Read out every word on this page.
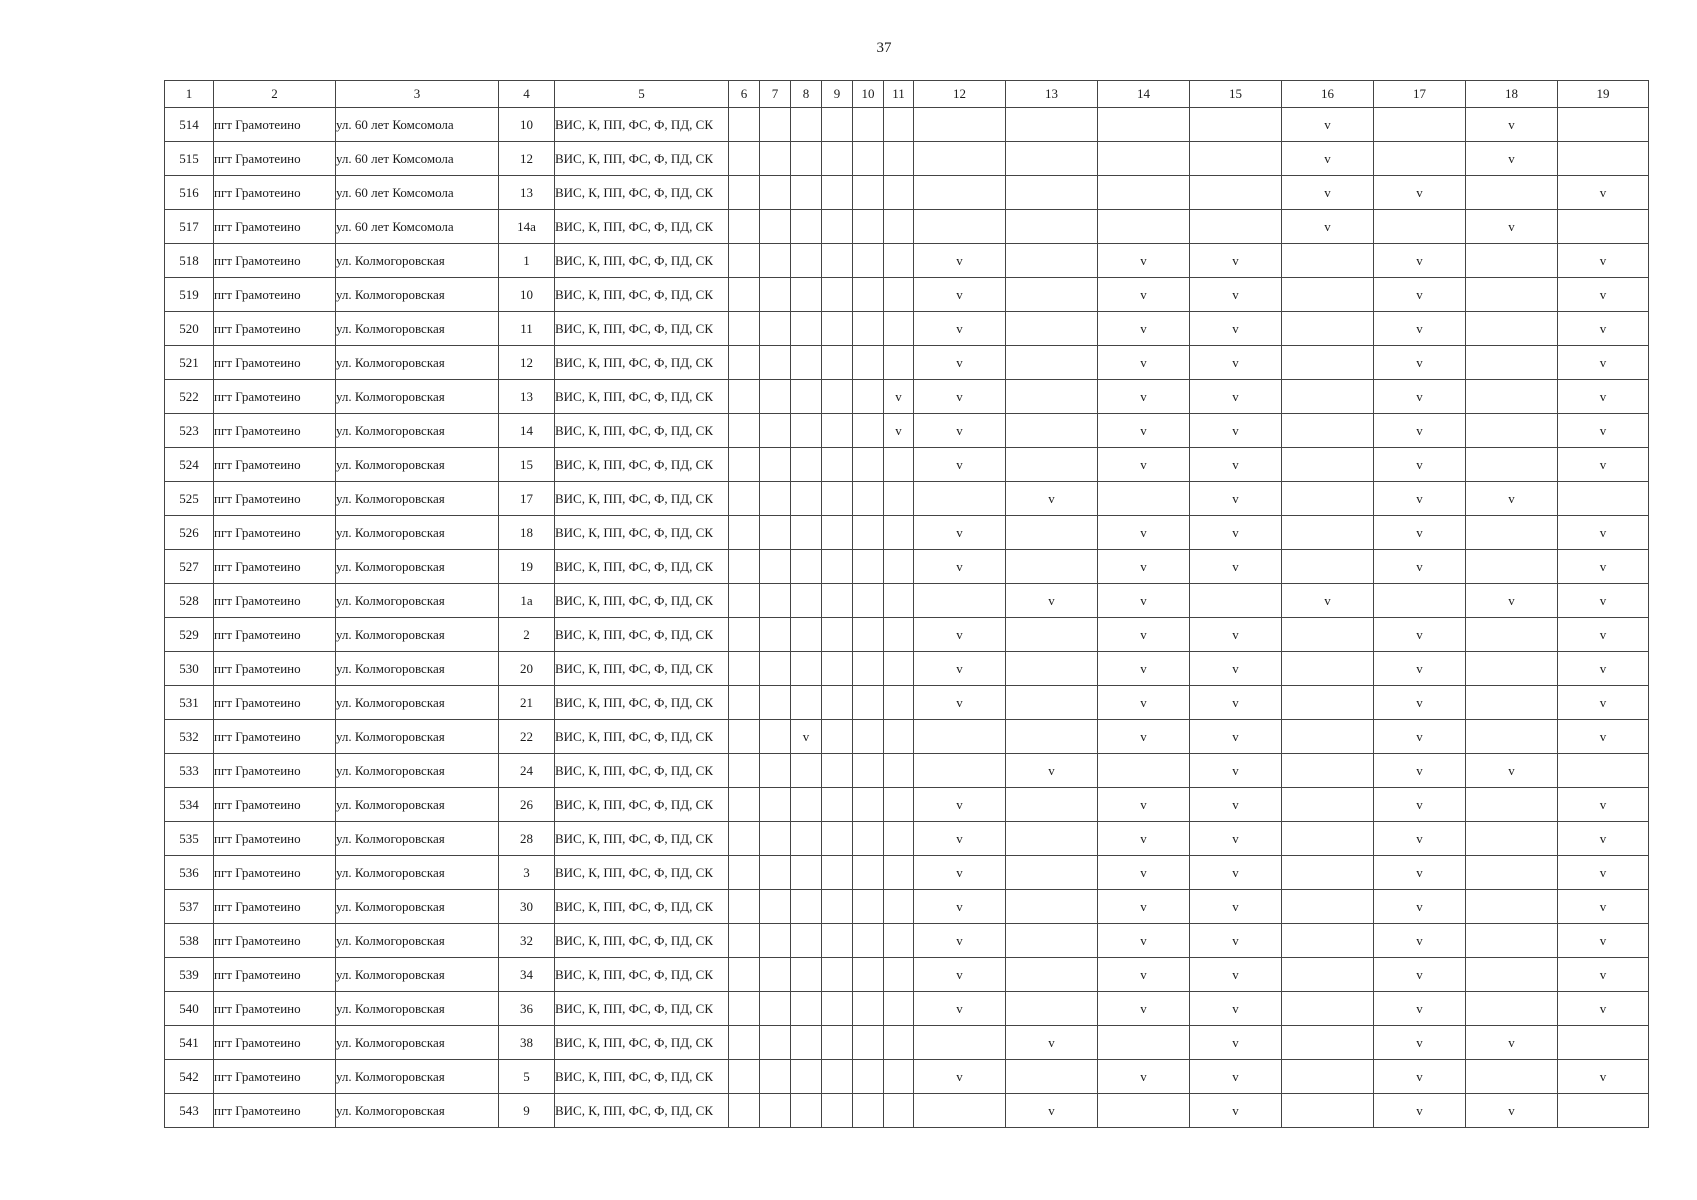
37
1	2	3	4	5	6	7	8	9	10	11	12	13	14	15	16	17	18	19
514	пгт Грамотеино	ул. 60 лет Комсомола	10	ВИС, К, ПП, ФС, Ф, ПД, СК											v		v	
515	пгт Грамотеино	ул. 60 лет Комсомола	12	ВИС, К, ПП, ФС, Ф, ПД, СК											v		v	
516	пгт Грамотеино	ул. 60 лет Комсомола	13	ВИС, К, ПП, ФС, Ф, ПД, СК											v	v		v
517	пгт Грамотеино	ул. 60 лет Комсомола	14а	ВИС, К, ПП, ФС, Ф, ПД, СК											v		v	
518	пгт Грамотеино	ул. Колмогоровская	1	ВИС, К, ПП, ФС, Ф, ПД, СК							v		v	v		v		v
519	пгт Грамотеино	ул. Колмогоровская	10	ВИС, К, ПП, ФС, Ф, ПД, СК							v		v	v		v		v
520	пгт Грамотеино	ул. Колмогоровская	11	ВИС, К, ПП, ФС, Ф, ПД, СК							v		v	v		v		v
521	пгт Грамотеино	ул. Колмогоровская	12	ВИС, К, ПП, ФС, Ф, ПД, СК							v		v	v		v		v
522	пгт Грамотеино	ул. Колмогоровская	13	ВИС, К, ПП, ФС, Ф, ПД, СК						v	v		v	v		v		v
523	пгт Грамотеино	ул. Колмогоровская	14	ВИС, К, ПП, ФС, Ф, ПД, СК						v	v		v	v		v		v
524	пгт Грамотеино	ул. Колмогоровская	15	ВИС, К, ПП, ФС, Ф, ПД, СК							v		v	v		v		v
525	пгт Грамотеино	ул. Колмогоровская	17	ВИС, К, ПП, ФС, Ф, ПД, СК								v		v		v	v	
526	пгт Грамотеино	ул. Колмогоровская	18	ВИС, К, ПП, ФС, Ф, ПД, СК							v		v	v		v		v
527	пгт Грамотеино	ул. Колмогоровская	19	ВИС, К, ПП, ФС, Ф, ПД, СК							v		v	v		v		v
528	пгт Грамотеино	ул. Колмогоровская	1а	ВИС, К, ПП, ФС, Ф, ПД, СК								v	v		v		v	v
529	пгт Грамотеино	ул. Колмогоровская	2	ВИС, К, ПП, ФС, Ф, ПД, СК							v		v	v		v		v
530	пгт Грамотеино	ул. Колмогоровская	20	ВИС, К, ПП, ФС, Ф, ПД, СК							v		v	v		v		v
531	пгт Грамотеино	ул. Колмогоровская	21	ВИС, К, ПП, ФС, Ф, ПД, СК							v		v	v		v		v
532	пгт Грамотеино	ул. Колмогоровская	22	ВИС, К, ПП, ФС, Ф, ПД, СК			v						v	v		v		v
533	пгт Грамотеино	ул. Колмогоровская	24	ВИС, К, ПП, ФС, Ф, ПД, СК								v		v		v	v	
534	пгт Грамотеино	ул. Колмогоровская	26	ВИС, К, ПП, ФС, Ф, ПД, СК							v		v	v		v		v
535	пгт Грамотеино	ул. Колмогоровская	28	ВИС, К, ПП, ФС, Ф, ПД, СК							v		v	v		v		v
536	пгт Грамотеино	ул. Колмогоровская	3	ВИС, К, ПП, ФС, Ф, ПД, СК							v		v	v		v		v
537	пгт Грамотеино	ул. Колмогоровская	30	ВИС, К, ПП, ФС, Ф, ПД, СК							v		v	v		v		v
538	пгт Грамотеино	ул. Колмогоровская	32	ВИС, К, ПП, ФС, Ф, ПД, СК							v		v	v		v		v
539	пгт Грамотеино	ул. Колмогоровская	34	ВИС, К, ПП, ФС, Ф, ПД, СК							v		v	v		v		v
540	пгт Грамотеино	ул. Колмогоровская	36	ВИС, К, ПП, ФС, Ф, ПД, СК							v		v	v		v		v
541	пгт Грамотеино	ул. Колмогоровская	38	ВИС, К, ПП, ФС, Ф, ПД, СК								v		v		v	v	
542	пгт Грамотеино	ул. Колмогоровская	5	ВИС, К, ПП, ФС, Ф, ПД, СК							v		v	v		v		v
543	пгт Грамотеино	ул. Колмогоровская	9	ВИС, К, ПП, ФС, Ф, ПД, СК								v		v		v	v	
